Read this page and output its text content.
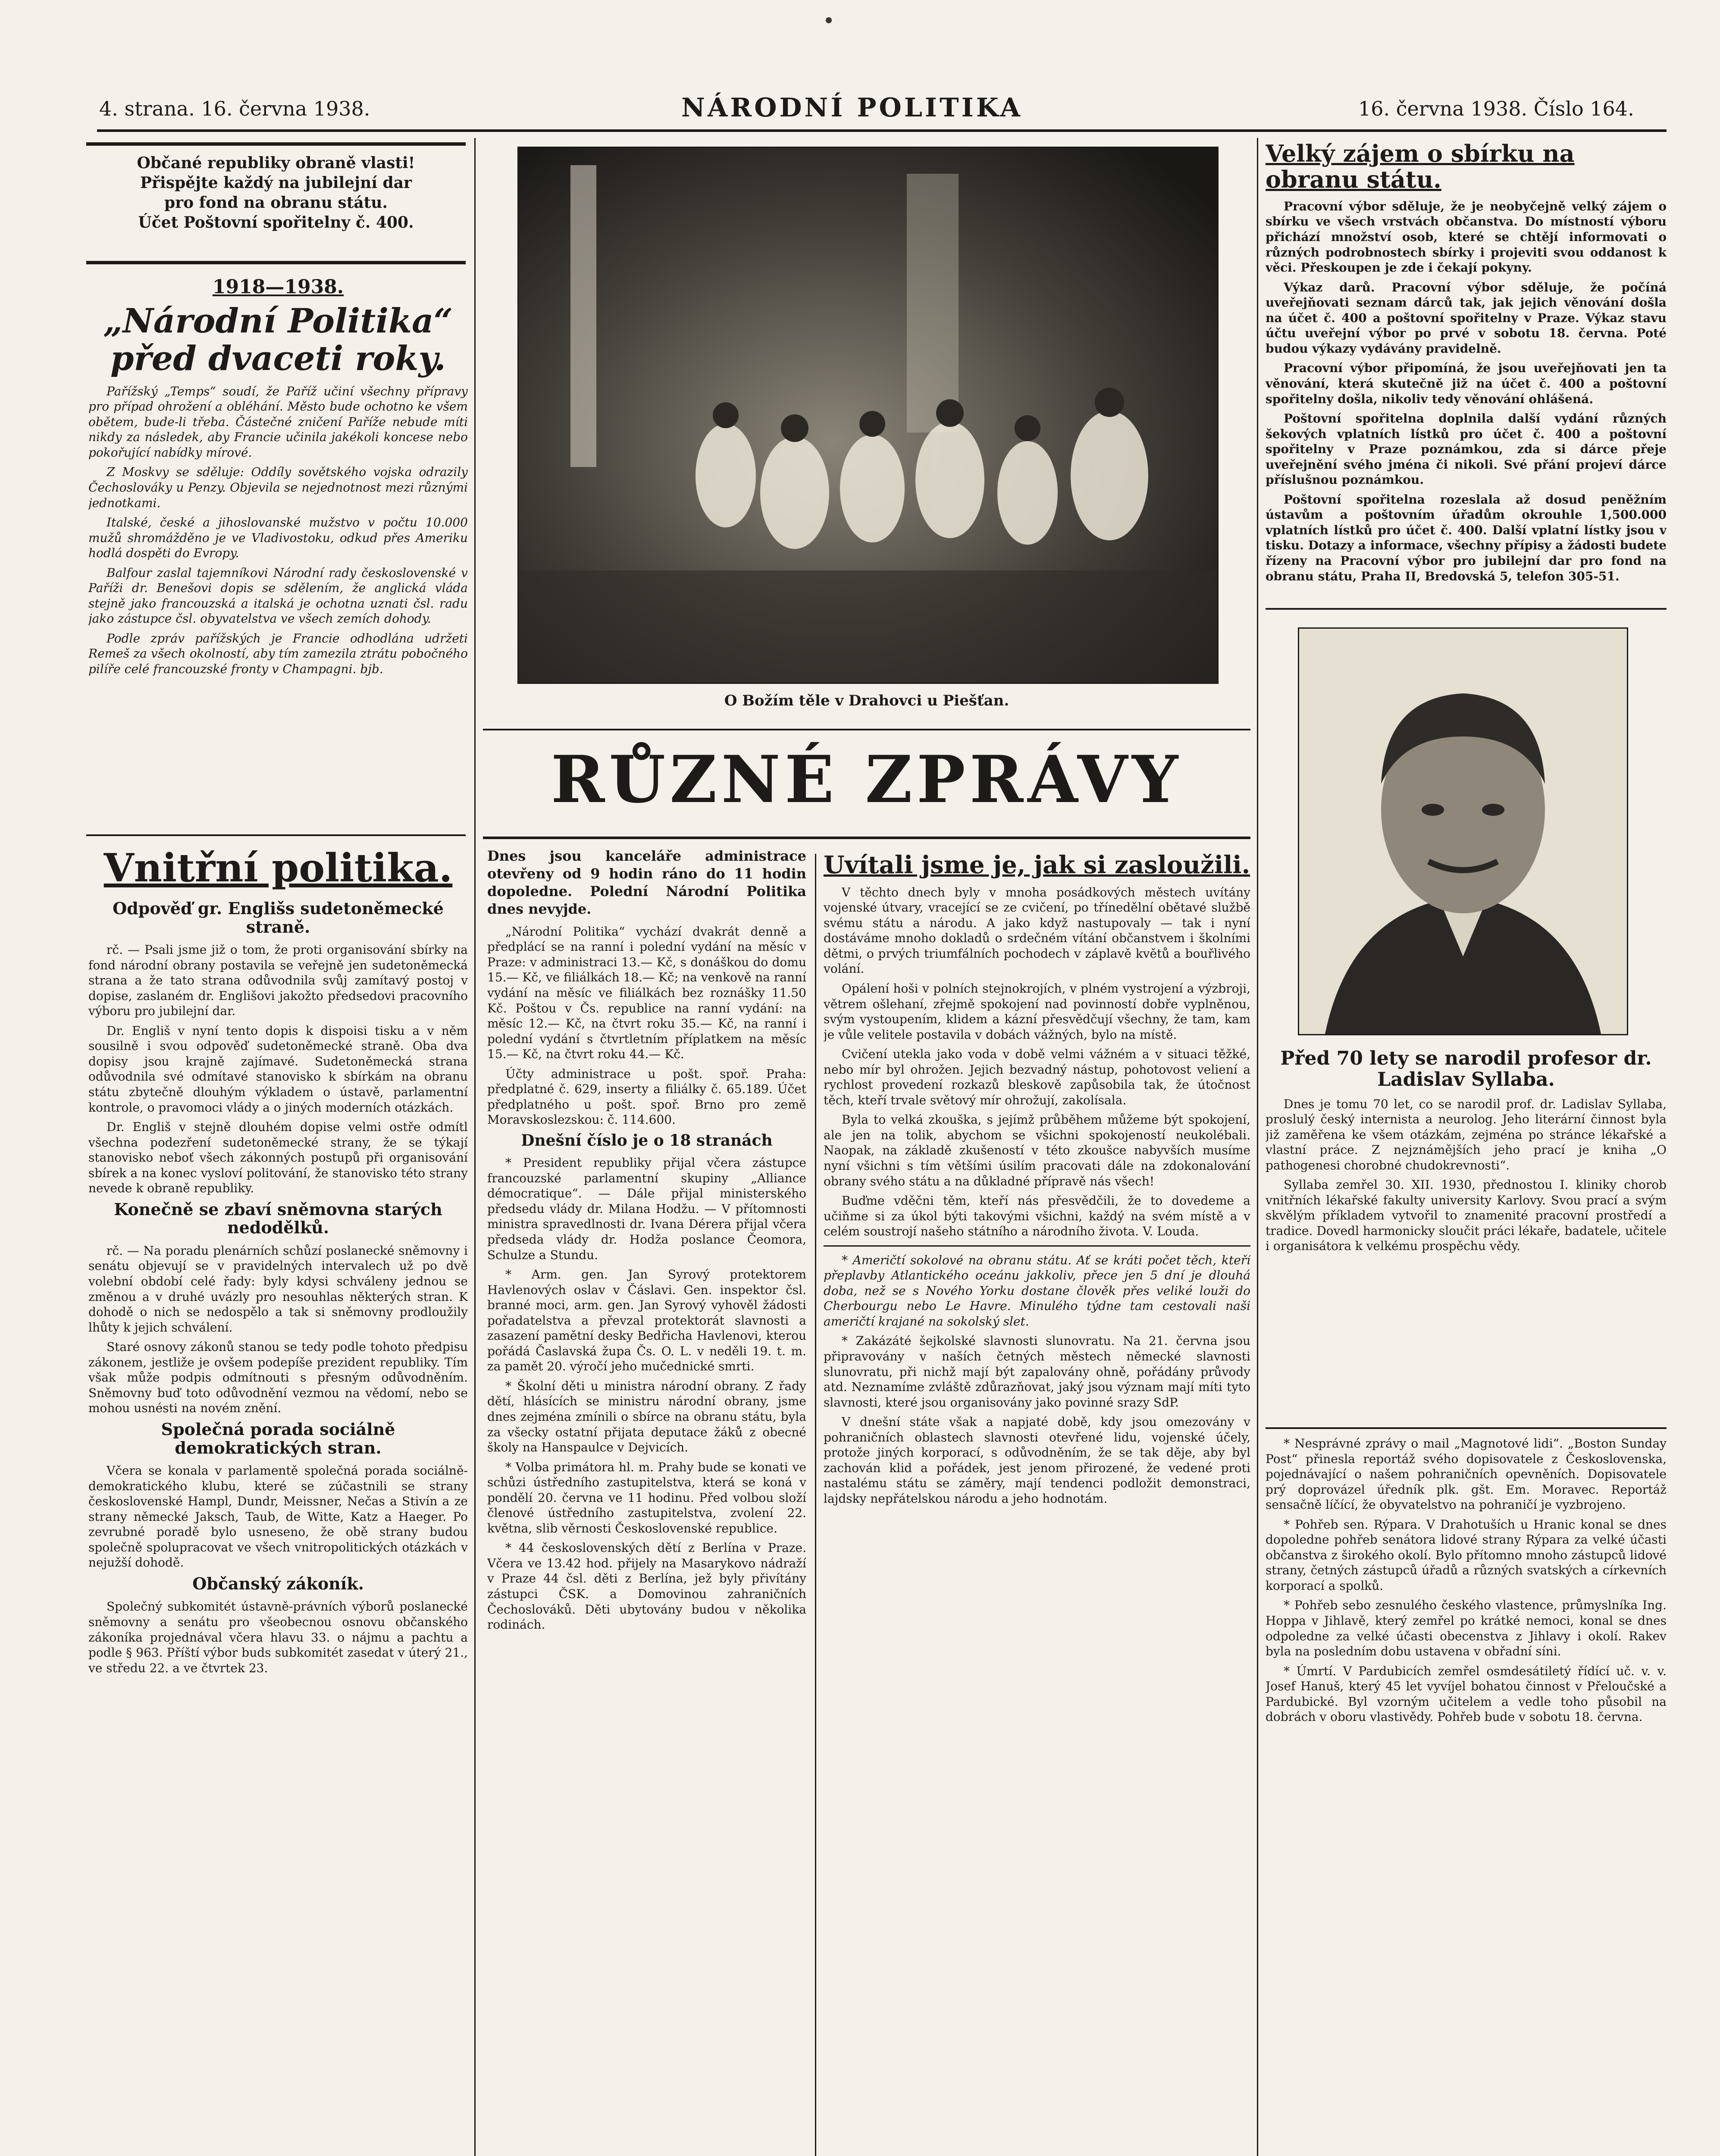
4. strana. 16. června 1938.	NÁRODNÍ POLITIKA	16. června 1938. Číslo 164.
Občané republiky obraně vlasti!
Přispějte každý na jubilejní dar
pro fond na obranu státu.
Účet Poštovní spořitelny č. 400.
1918—1938.
„Národní Politika“ před dvaceti roky.

Pařížský „Temps“ soudí, že Paříž učiní všechny přípravy pro případ ohrožení a obléhání. Město bude ochotno ke všem obětem, bude-li třeba. Částečné zničení Paříže nebude míti nikdy za následek, aby Francie učinila jakékoli koncese nebo pokořující nabídky mírové.

Z Moskvy se sděluje: Oddíly sovětského vojska odrazily Čechoslováky u Penzy. Objevila se nejednotnost mezi různými jednotkami.

Italské, české a jihoslovanské mužstvo v počtu 10.000 mužů shromážděno je ve Vladivostoku, odkud přes Ameriku hodlá dospěti do Evropy.

Balfour zaslal tajemníkovi Národní rady československé v Paříži dr. Benešovi dopis se sdělením, že anglická vláda stejně jako francouzská a italská je ochotna uznati čsl. radu jako zástupce čsl. obyvatelstva ve všech zemích dohody.

Podle zpráv pařížských je Francie odhodlána udržeti Remeš za všech okolností, aby tím zamezila ztrátu pobočného pilíře celé francouzské fronty v Champagni. bjb.

Vnitřní politika.
Odpověď gr. Englišs sudetoněmecké straně.

rč. — Psali jsme již o tom, že proti organisování sbírky na fond národní obrany postavila se veřejně jen sudetoněmecká strana a že tato strana odůvodnila svůj zamítavý postoj v dopise, zaslaném dr. Englišovi jakožto předsedovi pracovního výboru pro jubilejní dar.

Dr. Engliš v nyní tento dopis k dispoisi tisku a v něm sousilně i svou odpověď sudetoněmecké straně. Oba dva dopisy jsou krajně zajímavé. Sudetoněmecká strana odůvodnila své odmítavé stanovisko k sbírkám na obranu státu zbytečně dlouhým výkladem o ústavě, parlamentní kontrole, o pravomoci vlády a o jiných moderních otázkách.

Dr. Engliš v stejně dlouhém dopise velmi ostře odmítl všechna podezření sudetoněmecké strany, že se týkají stanovisko neboť všech zákonných postupů při organisování sbírek a na konec vysloví politování, že stanovisko této strany nevede k obraně republiky.

Konečně se zbaví sněmovna starých nedodělků.

rč. — Na poradu plenárních schůzí poslanecké sněmovny i senátu objevují se v pravidelných intervalech už po dvě volební období celé řady: byly kdysi schváleny jednou se změnou a v druhé uvázly pro nesouhlas některých stran. K dohodě o nich se nedospělo a tak si sněmovny prodloužily lhůty k jejich schválení.

Staré osnovy zákonů stanou se tedy podle tohoto předpisu zákonem, jestliže je ovšem podepíše prezident republiky. Tím však může podpis odmítnouti s přesným odůvodněním. Sněmovny buď toto odůvodnění vezmou na vědomí, nebo se mohou usnésti na novém znění.

Společná porada sociálně demokratických stran.

Včera se konala v parlamentě společná porada sociálně-demokratického klubu, které se zúčastnili se strany československé Hampl, Dundr, Meissner, Nečas a Stivín a ze strany německé Jaksch, Taub, de Witte, Katz a Haeger. Po zevrubné poradě bylo usneseno, že obě strany budou společně spolupracovat ve všech vnitropolitických otázkách v nejužší dohodě.

Občanský zákoník.

Společný subkomitét ústavně-právních výborů poslanecké sněmovny a senátu pro všeobecnou osnovu občanského zákoníka projednával včera hlavu 33. o nájmu a pachtu a podle § 963. Příští výbor buds subkomitét zasedat v úterý 21., ve středu 22. a ve čtvrtek 23.

O Božím těle v Drahovci u Piešťan.
RŮZNÉ ZPRÁVY
Dnes jsou kanceláře administrace otevřeny od 9 hodin ráno do 11 hodin dopoledne. Polední Národní Politika dnes nevyjde.

„Národní Politika“ vychází dvakrát denně a předplácí se na ranní i polední vydání na měsíc v Praze: v administraci 13.— Kč, s donáškou do domu 15.— Kč, ve filiálkách 18.— Kč; na venkově na ranní vydání na měsíc ve filiálkách bez roznášky 11.50 Kč. Poštou v Čs. republice na ranní vydání: na měsíc 12.— Kč, na čtvrt roku 35.— Kč, na ranní i polední vydání s čtvrtletním příplatkem na měsíc 15.— Kč, na čtvrt roku 44.— Kč.

Účty administrace u pošt. spoř. Praha: předplatné č. 629, inserty a filiálky č. 65.189. Účet předplatného u pošt. spoř. Brno pro země Moravskoslezskou: č. 114.600.

Dnešní číslo je o 18 stranách

* President republiky přijal včera zástupce francouzské parlamentní skupiny „Alliance démocratique“. — Dále přijal ministerského předsedu vlády dr. Milana Hodžu. — V přítomnosti ministra spravedlnosti dr. Ivana Dérera přijal včera předseda vlády dr. Hodža poslance Čeomora, Schulze a Stundu.

* Arm. gen. Jan Syrový protektorem Havlenových oslav v Čáslavi. Gen. inspektor čsl. branné moci, arm. gen. Jan Syrový vyhověl žádosti pořadatelstva a převzal protektorát slavnosti a zasazení pamětní desky Bedřicha Havlenovi, kterou pořádá Časlavská župa Čs. O. L. v neděli 19. t. m. za pamět 20. výročí jeho mučednické smrti.

* Školní děti u ministra národní obrany. Z řady dětí, hlásících se ministru národní obrany, jsme dnes zejména zmínili o sbírce na obranu státu, byla za všecky ostatní přijata deputace žáků z obecné školy na Hanspaulce v Dejvicích.

* Volba primátora hl. m. Prahy bude se konati ve schůzi ústředního zastupitelstva, která se koná v pondělí 20. června ve 11 hodinu. Před volbou složí členové ústředního zastupitelstva, zvolení 22. května, slib věrnosti Československé republice.

* 44 československých dětí z Berlína v Praze. Včera ve 13.42 hod. přijely na Masarykovo nádraží v Praze 44 čsl. děti z Berlína, jež byly přivítány zástupci ČSK. a Domovinou zahraničních Čechoslováků. Děti ubytovány budou v několika rodinách.

Uvítali jsme je, jak si zasloužili.

V těchto dnech byly v mnoha posádkových městech uvítány vojenské útvary, vracející se ze cvičení, po třínedělní obětavé službě svému státu a národu. A jako když nastupovaly — tak i nyní dostáváme mnoho dokladů o srdečném vítání občanstvem i školními dětmi, o prvých triumfálních pochodech v záplavě květů a bouřlivého volání.

Opálení hoši v polních stejnokrojích, v plném vystrojení a výzbroji, větrem ošlehaní, zřejmě spokojení nad povinností dobře vyplněnou, svým vystoupením, klidem a kázní přesvědčují všechny, že tam, kam je vůle velitele postavila v dobách vážných, bylo na místě.

Cvičení utekla jako voda v době velmi vážném a v situaci těžké, nebo mír byl ohrožen. Jejich bezvadný nástup, pohotovost veliení a rychlost provedení rozkazů bleskově zapůsobila tak, že útočnost těch, kteří trvale světový mír ohrožují, zakolísala.

Byla to velká zkouška, s jejímž průběhem můžeme být spokojení, ale jen na tolik, abychom se všichni spokojeností neukolébali. Naopak, na základě zkušeností v této zkoušce nabyvších musíme nyní všichni s tím většími úsilím pracovati dále na zdokonalování obrany svého státu a na důkladné přípravě nás všech!

Buďme vděčni těm, kteří nás přesvědčili, že to dovedeme a učiňme si za úkol býti takovými všichni, každý na svém místě a v celém soustrojí našeho státního a národního života. V. Louda.

* Američtí sokolové na obranu státu. Ať se kráti počet těch, kteří přeplavby Atlantického oceánu jakkoliv, přece jen 5 dní je dlouhá doba, než se s Nového Yorku dostane člověk přes veliké louži do Cherbourgu nebo Le Havre. Minulého týdne tam cestovali naši američtí krajané na sokolský slet.

* Zakázáté šejkolské slavnosti slunovratu. Na 21. června jsou připravovány v naších četných městech německé slavnosti slunovratu, při nichž mají být zapalovány ohně, pořádány průvody atd. Neznamíme zvláště zdůrazňovat, jaký jsou význam mají míti tyto slavnosti, které jsou organisovány jako povinné srazy SdP.

V dnešní státe však a napjaté době, kdy jsou omezovány v pohraničních oblastech slavnosti otevřené lidu, vojenské účely, protože jiných korporací, s odůvodněním, že se tak děje, aby byl zachován klid a pořádek, jest jenom přirozené, že vedené proti nastalému státu se záměry, mají tendenci podložit demonstraci, lajdsky nepřátelskou národu a jeho hodnotám.

Velký zájem o sbírku na obranu státu.

Pracovní výbor sděluje, že je neobyčejně velký zájem o sbírku ve všech vrstvách občanstva. Do místností výboru přichází množství osob, které se chtějí informovati o různých podrobnostech sbírky i projeviti svou oddanost k věci. Přeskoupen je zde i čekají pokyny.

Výkaz darů. Pracovní výbor sděluje, že počíná uveřejňovati seznam dárců tak, jak jejich věnování došla na účet č. 400 a poštovní spořitelny v Praze. Výkaz stavu účtu uveřejní výbor po prvé v sobotu 18. června. Poté budou výkazy vydávány pravidelně.

Pracovní výbor připomíná, že jsou uveřejňovati jen ta věnování, která skutečně již na účet č. 400 a poštovní spořitelny došla, nikoliv tedy věnování ohlášená.

Poštovní spořitelna doplnila další vydání různých šekových vplatních lístků pro účet č. 400 a poštovní spořitelny v Praze poznámkou, zda si dárce přeje uveřejnění svého jména či nikoli. Své přání projeví dárce příslušnou poznámkou.

Poštovní spořitelna rozeslala až dosud peněžním ústavům a poštovním úřadům okrouhle 1,500.000 vplatních lístků pro účet č. 400. Další vplatní lístky jsou v tisku. Dotazy a informace, všechny přípisy a žádosti budete řízeny na Pracovní výbor pro jubilejní dar pro fond na obranu státu, Praha II, Bredovská 5, telefon 305-51.

Před 70 lety se narodil profesor dr. Ladislav Syllaba.

Dnes je tomu 70 let, co se narodil prof. dr. Ladislav Syllaba, proslulý český internista a neurolog. Jeho literární činnost byla již zaměřena ke všem otázkám, zejména po stránce lékařské a vlastní práce. Z nejznámějších jeho prací je kniha „O pathogenesi chorobné chudokrevnosti“.

Syllaba zemřel 30. XII. 1930, přednostou I. kliniky chorob vnitřních lékařské fakulty university Karlovy. Svou prací a svým skvělým příkladem vytvořil to znamenité pracovní prostředí a tradice. Dovedl harmonicky sloučit práci lékaře, badatele, učitele i organisátora k velkému prospěchu vědy.

* Nesprávné zprávy o mail „Magnotové lidi“. „Boston Sunday Post“ přinesla reportáž svého dopisovatele z Československa, pojednávající o našem pohraničních opevněních. Dopisovatele prý doprovázel úředník plk. gšt. Em. Moravec. Reportáž sensačně líčící, že obyvatelstvo na pohraničí je vyzbrojeno.

* Pohřeb sen. Rýpara. V Drahotuších u Hranic konal se dnes dopoledne pohřeb senátora lidové strany Rýpara za velké účasti občanstva z širokého okolí. Bylo přítomno mnoho zástupců lidové strany, četných zástupců úřadů a různých svatských a církevních korporací a spolků.

* Pohřeb sebo zesnulého českého vlastence, průmyslníka Ing. Hoppa v Jihlavě, který zemřel po krátké nemoci, konal se dnes odpoledne za velké účasti obecenstva z Jihlavy i okolí. Rakev byla na posledním dobu ustavena v obřadní síni.

* Úmrtí. V Pardubicích zemřel osmdesátiletý řídící uč. v. v. Josef Hanuš, který 45 let vyvíjel bohatou činnost v Přeloučské a Pardubické. Byl vzorným učitelem a vedle toho působil na dobrách v oboru vlastivědy. Pohřeb bude v sobotu 18. června.
